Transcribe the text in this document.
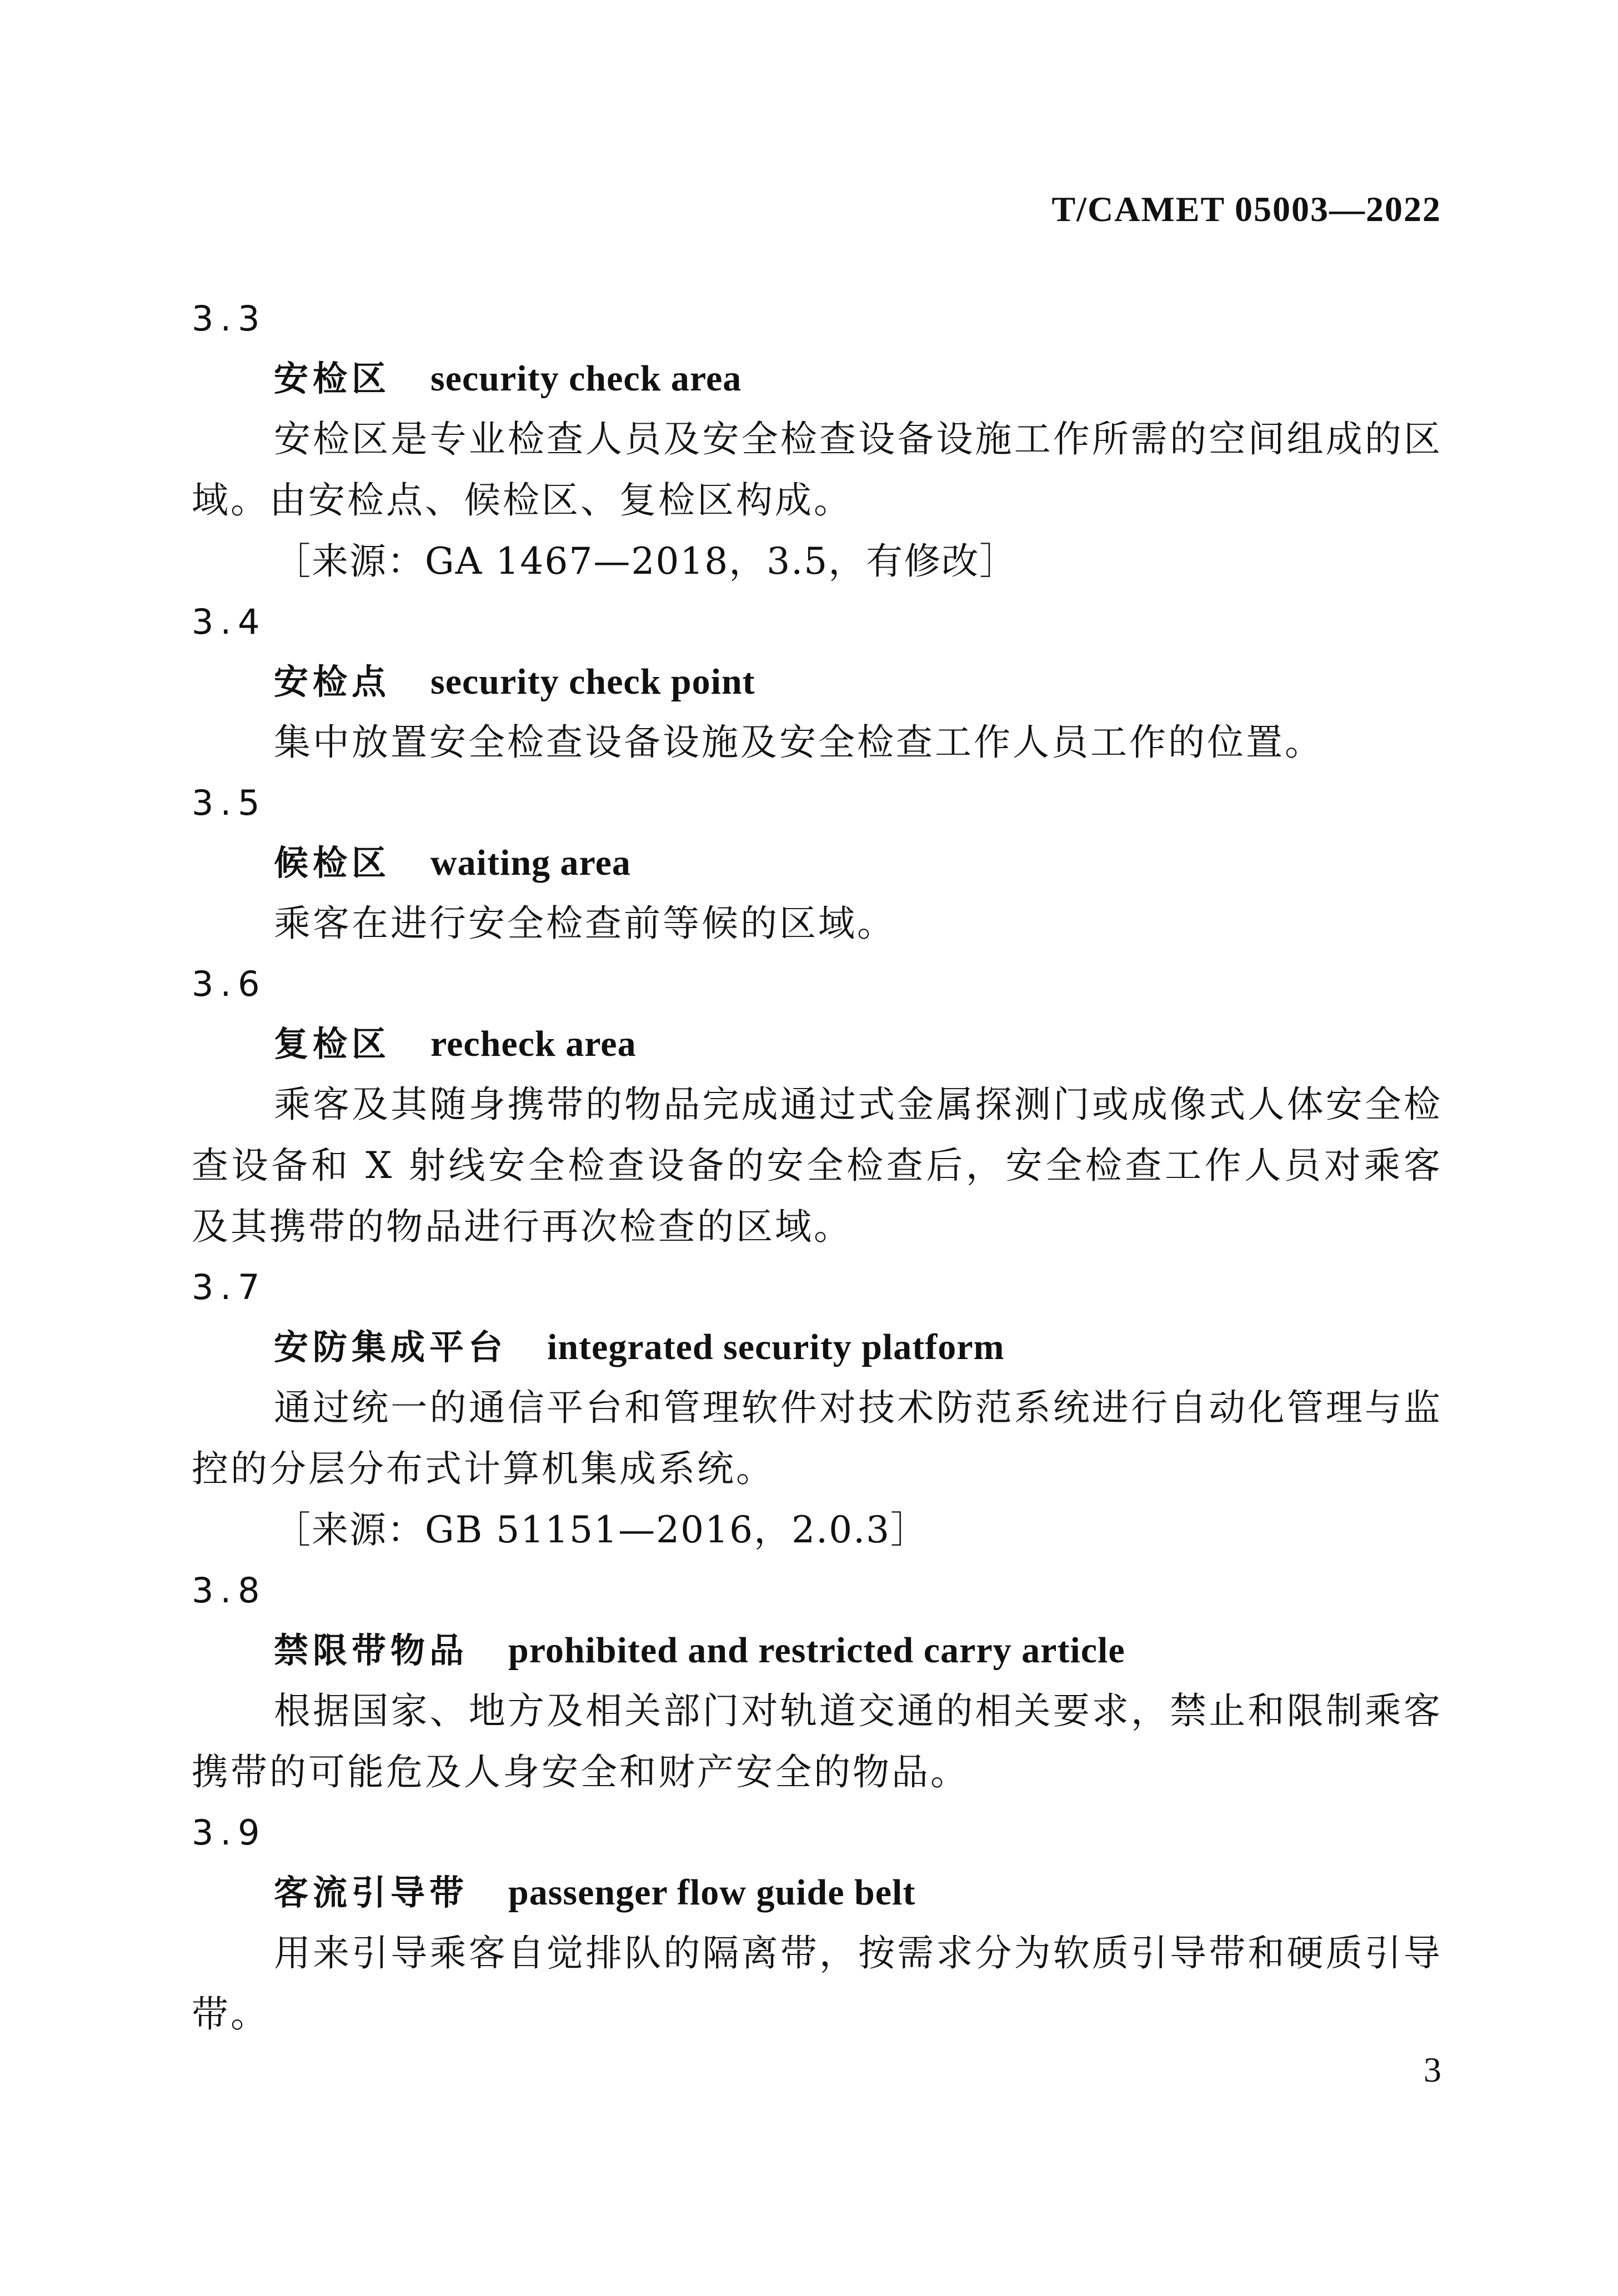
T/CAMET 05003—2022
3.3
安检区 security check area

安检区是专业检查人员及安全检查设备设施工作所需的空间组成的区域。由安检点、候检区、复检区构成。

［来源：GA 1467—2018，3.5，有修改］

3.4
安检点 security check point

集中放置安全检查设备设施及安全检查工作人员工作的位置。

3.5
候检区 waiting area

乘客在进行安全检查前等候的区域。

3.6
复检区 recheck area

乘客及其随身携带的物品完成通过式金属探测门或成像式人体安全检查设备和 X 射线安全检查设备的安全检查后，安全检查工作人员对乘客及其携带的物品进行再次检查的区域。

3.7
安防集成平台 integrated security platform

通过统一的通信平台和管理软件对技术防范系统进行自动化管理与监控的分层分布式计算机集成系统。

［来源：GB 51151—2016，2.0.3］

3.8
禁限带物品 prohibited and restricted carry article

根据国家、地方及相关部门对轨道交通的相关要求，禁止和限制乘客携带的可能危及人身安全和财产安全的物品。

3.9
客流引导带 passenger flow guide belt

用来引导乘客自觉排队的隔离带，按需求分为软质引导带和硬质引导带。

3
